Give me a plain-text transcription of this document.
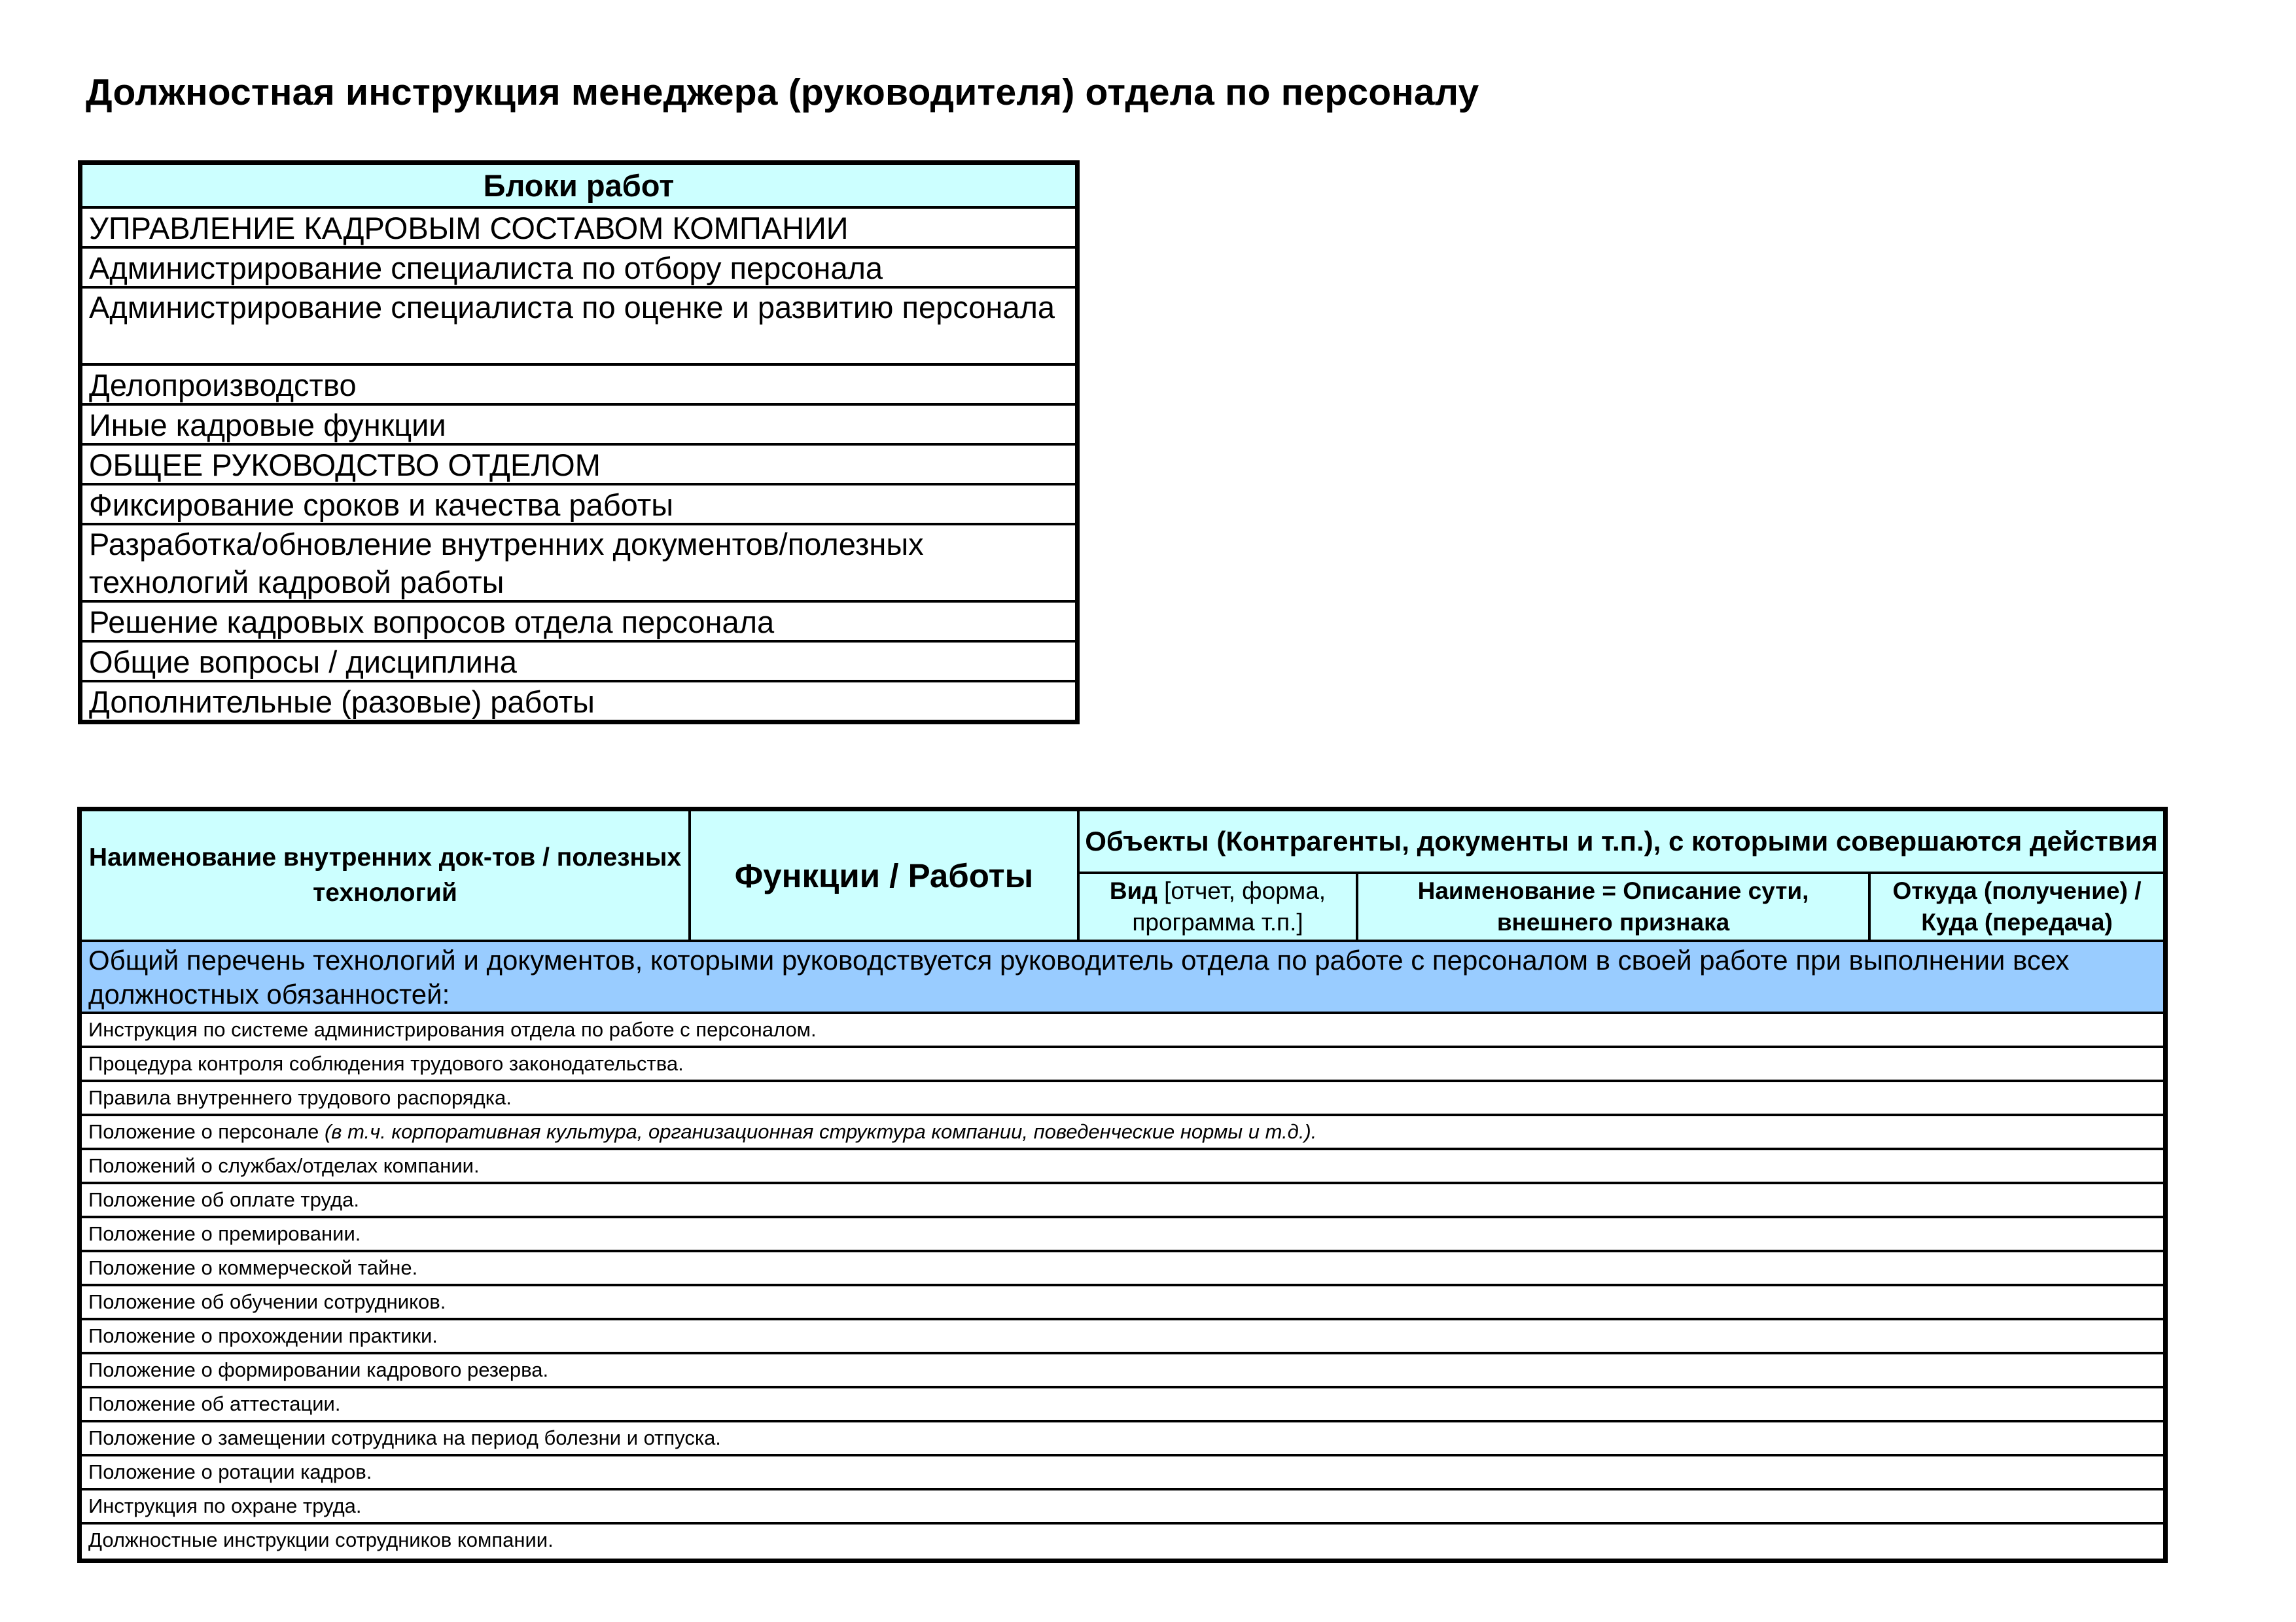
Должностная инструкция менеджера (руководителя) отдела по персоналу
Блоки работ
УПРАВЛЕНИЕ КАДРОВЫМ СОСТАВОМ КОМПАНИИ
Администрирование специалиста по отбору персонала
Администрирование специалиста по оценке и развитию персонала
Делопроизводство
Иные кадровые функции
ОБЩЕЕ РУКОВОДСТВО ОТДЕЛОМ
Фиксирование сроков и качества работы
Разработка/обновление внутренних документов/полезных технологий кадровой работы
Решение кадровых вопросов отдела персонала
Общие вопросы / дисциплина
Дополнительные (разовые) работы
Наименование внутренних док-тов / полезных технологий	Функции / Работы
Объекты (Контрагенты, документы и т.п.), с которыми совершаются действия
Вид [отчет, форма, программа т.п.]
Наименование = Описание сути, внешнего признака
Откуда (получение) / Куда (передача)
Общий перечень технологий и документов, которыми руководствуется руководитель отдела по работе с персоналом в своей работе при выполнении всех должностных обязанностей:
Инструкция по системе администрирования отдела по работе с персоналом.
Процедура контроля соблюдения трудового законодательства.
Правила внутреннего трудового распорядка.
Положение о персонале (в т.ч. корпоративная культура, организационная структура компании, поведенческие нормы и т.д.).
Положений о службах/отделах компании.
Положение об оплате труда.
Положение о премировании.
Положение о коммерческой тайне.
Положение об обучении сотрудников.
Положение о прохождении практики.
Положение о формировании кадрового резерва.
Положение об аттестации.
Положение о замещении сотрудника на период болезни и отпуска.
Положение о ротации кадров.
Инструкция по охране труда.
Должностные инструкции сотрудников компании.
